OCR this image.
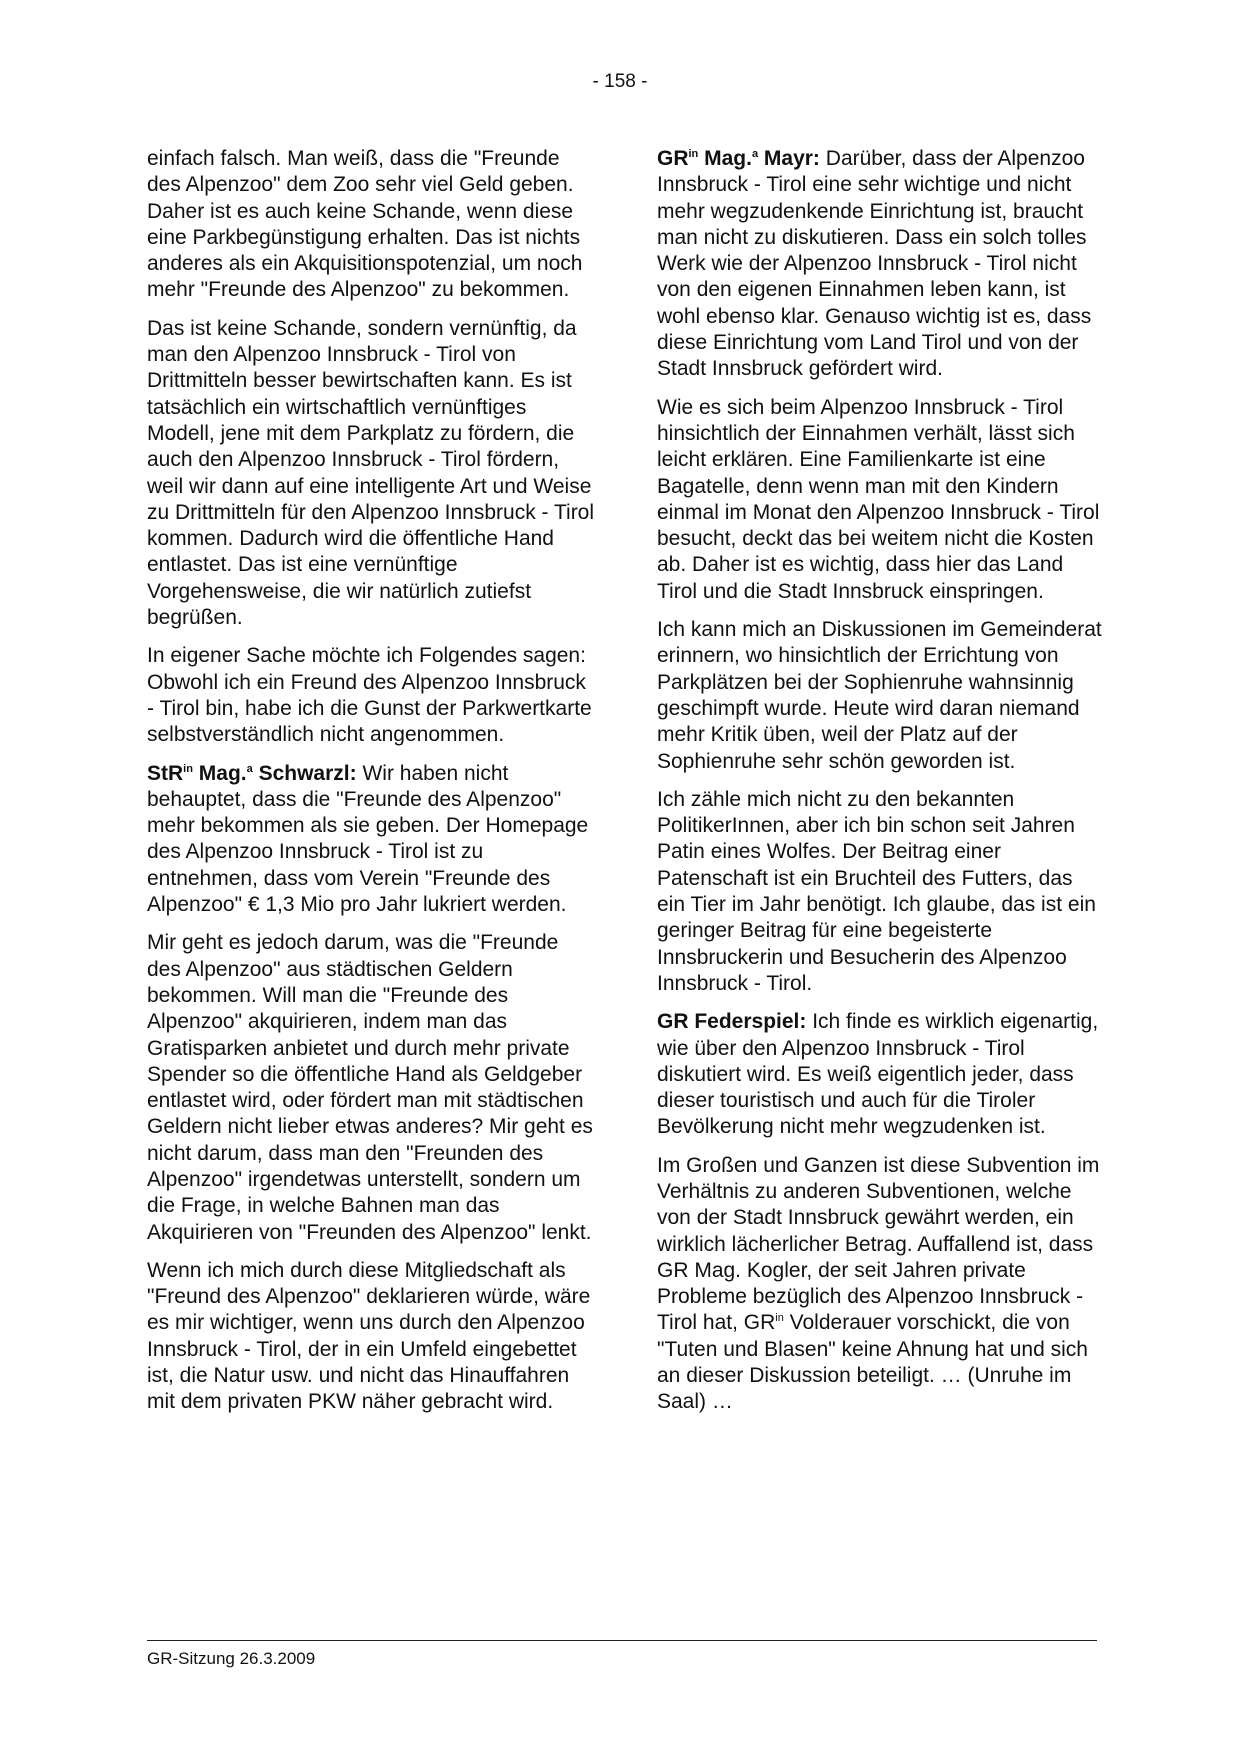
- 158 -

einfach falsch. Man weiß, dass die "Freunde des Alpenzoo" dem Zoo sehr viel Geld geben. Daher ist es auch keine Schande, wenn diese eine Parkbegünstigung erhalten. Das ist nichts anderes als ein Akquisitionspotenzial, um noch mehr "Freunde des Alpenzoo" zu bekommen.

Das ist keine Schande, sondern vernünftig, da man den Alpenzoo Innsbruck - Tirol von Drittmitteln besser bewirtschaften kann. Es ist tatsächlich ein wirtschaftlich vernünftiges Modell, jene mit dem Parkplatz zu fördern, die auch den Alpenzoo Innsbruck - Tirol fördern, weil wir dann auf eine intelligente Art und Weise zu Drittmitteln für den Alpenzoo Innsbruck - Tirol kommen. Dadurch wird die öffentliche Hand entlastet. Das ist eine vernünftige Vorgehensweise, die wir natürlich zutiefst begrüßen.

In eigener Sache möchte ich Folgendes sagen: Obwohl ich ein Freund des Alpenzoo Innsbruck - Tirol bin, habe ich die Gunst der Parkwertkarte selbstverständlich nicht angenommen.

StR$^{in}$ Mag.$^a$ Schwarzl: Wir haben nicht behauptet, dass die "Freunde des Alpenzoo" mehr bekommen als sie geben. Der Homepage des Alpenzoo Innsbruck - Tirol ist zu entnehmen, dass vom Verein "Freunde des Alpenzoo" € 1,3 Mio pro Jahr lukriert werden.

Mir geht es jedoch darum, was die "Freunde des Alpenzoo" aus städtischen Geldern bekommen. Will man die "Freunde des Alpenzoo" akquirieren, indem man das Gratisparken anbietet und durch mehr private Spender so die öffentliche Hand als Geldgeber entlastet wird, oder fördert man mit städtischen Geldern nicht lieber etwas anderes? Mir geht es nicht darum, dass man den "Freunden des Alpenzoo" irgendetwas unterstellt, sondern um die Frage, in welche Bahnen man das Akquirieren von "Freunden des Alpenzoo" lenkt.

Wenn ich mich durch diese Mitgliedschaft als "Freund des Alpenzoo" deklarieren würde, wäre es mir wichtiger, wenn uns durch den Alpenzoo Innsbruck - Tirol, der in ein Umfeld eingebettet ist, die Natur usw. und nicht das Hinauffahren mit dem privaten PKW näher gebracht wird.

$GR^{in}$ Mag.$^a$ Mayr: Darüber, dass der Alpenzoo Innsbruck - Tirol eine sehr wichtige und nicht mehr wegzudenkende Einrichtung ist, braucht man nicht zu diskutieren. Dass ein solch tolles Werk wie der Alpenzoo Innsbruck - Tirol nicht von den eigenen Einnahmen leben kann, ist wohl ebenso klar. Genauso wichtig ist es, dass diese Einrichtung vom Land Tirol und von der Stadt Innsbruck gefördert wird.

Wie es sich beim Alpenzoo Innsbruck - Tirol hinsichtlich der Einnahmen verhält, lässt sich leicht erklären. Eine Familienkarte ist eine Bagatelle, denn wenn man mit den Kindern einmal im Monat den Alpenzoo Innsbruck - Tirol besucht, deckt das bei weitem nicht die Kosten ab. Daher ist es wichtig, dass hier das Land Tirol und die Stadt Innsbruck einspringen.

Ich kann mich an Diskussionen im Gemeinderat erinnern, wo hinsichtlich der Errichtung von Parkplätzen bei der Sophienruhe wahnsinnig geschimpft wurde. Heute wird daran niemand mehr Kritik üben, weil der Platz auf der Sophienruhe sehr schön geworden ist.

Ich zähle mich nicht zu den bekannten PolitikerInnen, aber ich bin schon seit Jahren Patin eines Wolfes. Der Beitrag einer Patenschaft ist ein Bruchteil des Futters, das ein Tier im Jahr benötigt. Ich glaube, das ist ein geringer Beitrag für eine begeisterte Innsbruckerin und Besucherin des Alpenzoo Innsbruck - Tirol.

GR Federspiel: Ich finde es wirklich eigenartig, wie über den Alpenzoo Innsbruck - Tirol diskutiert wird. Es weiß eigentlich jeder, dass dieser touristisch und auch für die Tiroler Bevölkerung nicht mehr wegzudenken ist.

Im Großen und Ganzen ist diese Subvention im Verhältnis zu anderen Subventionen, welche von der Stadt Innsbruck gewährt werden, ein wirklich lächerlicher Betrag. Auffallend ist, dass GR Mag. Kogler, der seit Jahren private Probleme bezüglich des Alpenzoo Innsbruck - Tirol hat, $GR^{in}$ Volderauer vorschickt, die von "Tuten und Blasen" keine Ahnung hat und sich an dieser Diskussion beteiligt. … (Unruhe im Saal) …

GR-Sitzung 26.3.2009
